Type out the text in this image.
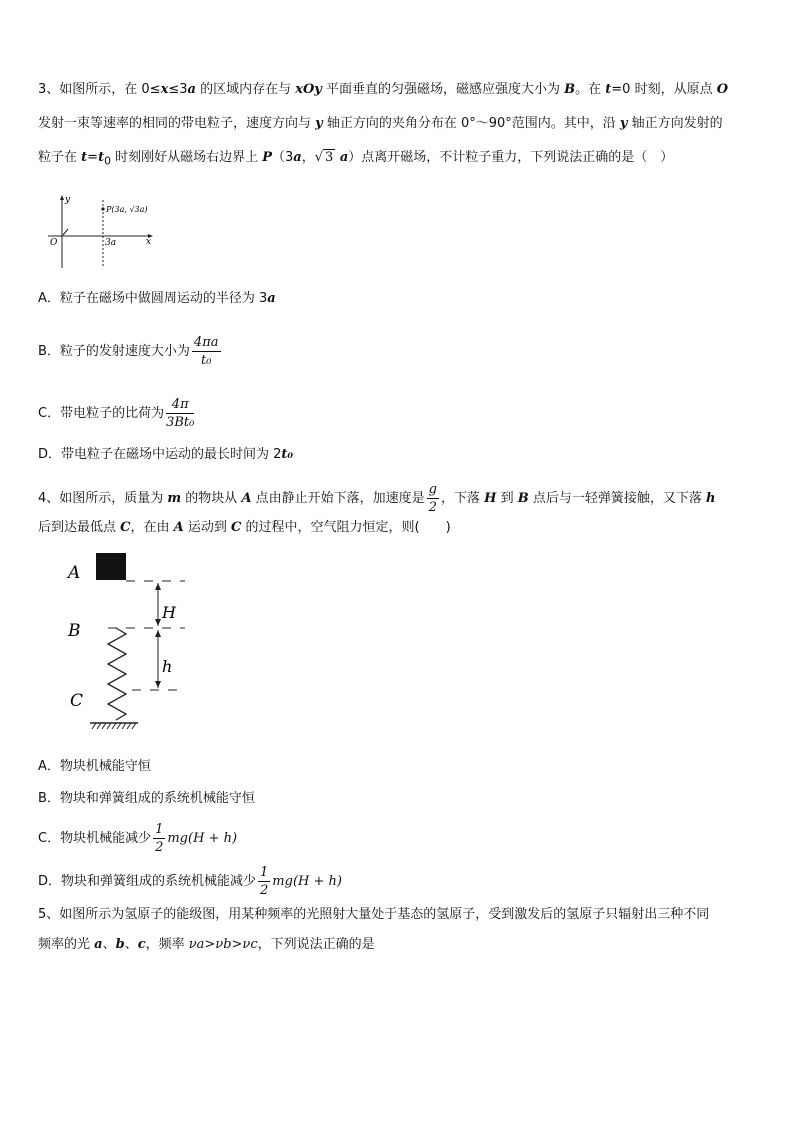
3、如图所示，在 0≤x≤3a 的区域内存在与 xOy 平面垂直的匀强磁场，磁感应强度大小为 B。在 t=0 时刻，从原点 O
发射一束等速率的相同的带电粒子，速度方向与 y 轴正方向的夹角分布在 0°～90°范围内。其中，沿 y 轴正方向发射的
粒子在 $t=t_0$ 时刻刚好从磁场右边界上 P（3a，√ 3 a）点离开磁场，不计粒子重力，下列说法正确的是（　）
y
x
O
P(3a, √3a)
3a
A．粒子在磁场中做圆周运动的半径为 3a
B．粒子的发射速度大小为 $\frac{4\pi a}{\text{t₀}}$
C．带电粒子的比荷为 $\frac{4\pi}{\text{3Bt₀}}$
D．带电粒子在磁场中运动的最长时间为 2t₀
4、如图所示，质量为 m 的物块从 A 点由静止开始下落，加速度是 $\frac{g}{2}$ ，下落 H 到 B 点后与一轻弹簧接触，又下落 h
后到达最低点 C，在由 A 运动到 C 的过程中，空气阻力恒定，则(　　)
A
B
C
H
h
A．物块机械能守恒
B．物块和弹簧组成的系统机械能守恒
C．物块机械能减少 $\frac{1}{2} mg(H + h)$
D．物块和弹簧组成的系统机械能减少 $\frac{1}{2} mg(H + h)$
5、如图所示为氢原子的能级图，用某种频率的光照射大量处于基态的氢原子，受到激发后的氢原子只辐射出三种不同
频率的光 a、b、c，频率 νa>νb>νc，下列说法正确的是
